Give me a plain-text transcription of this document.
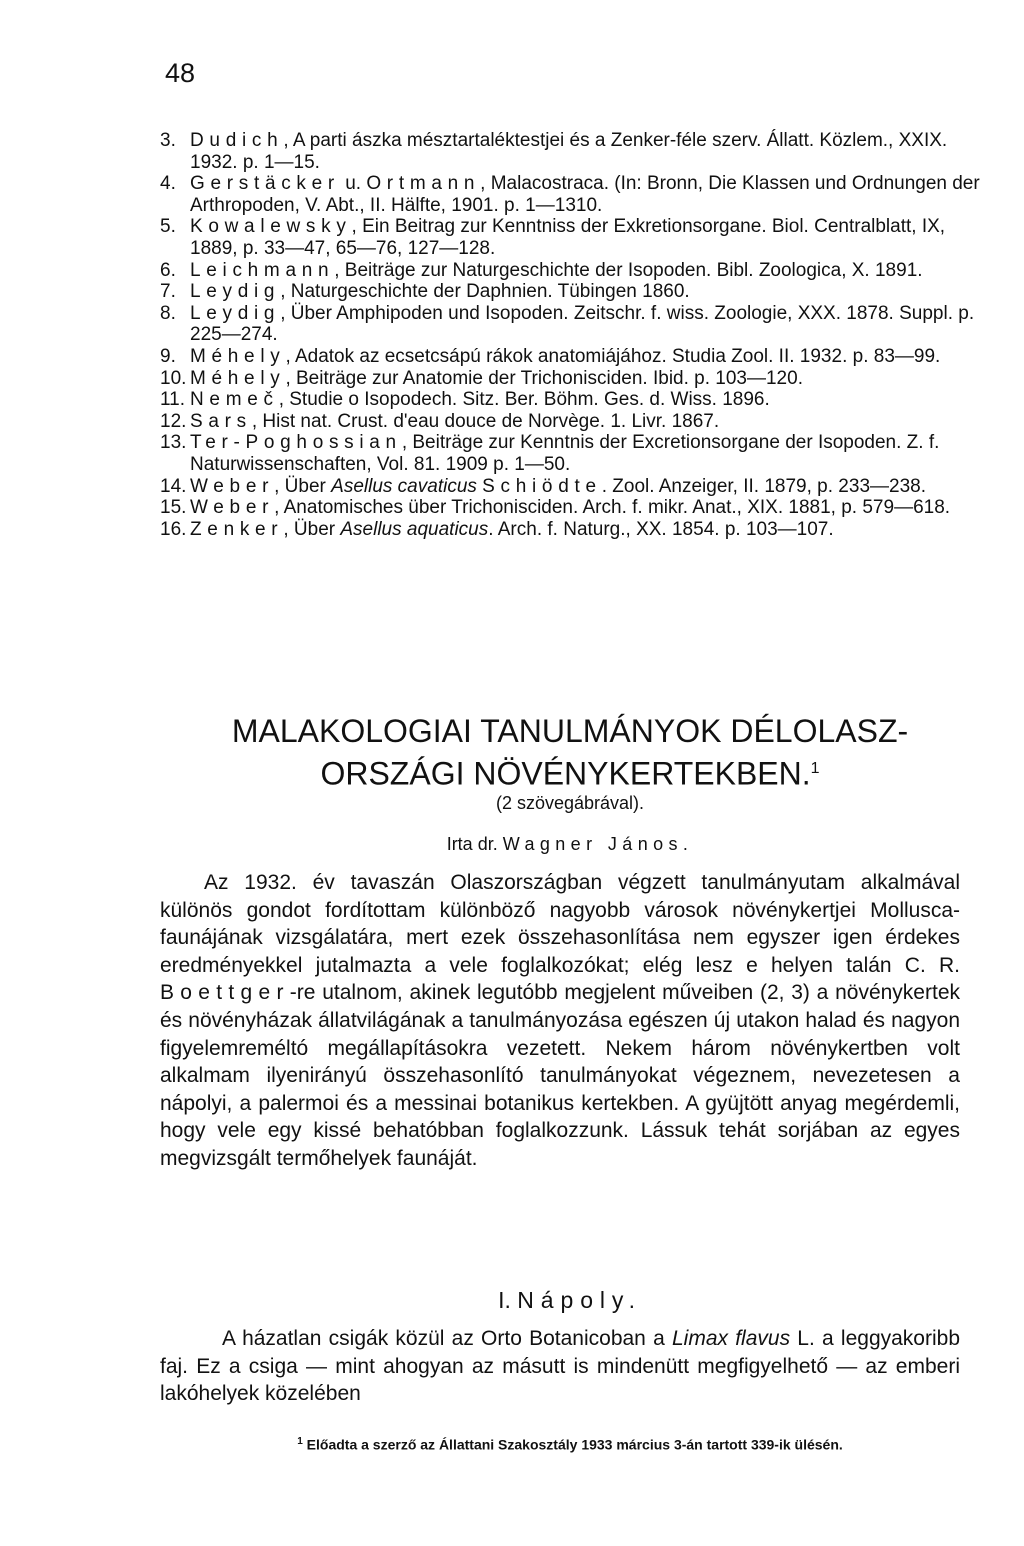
48
3. Dudich, A parti ászka mésztartaléktestjei és a Zenker-féle szerv. Állatt. Közlem., XXIX. 1932. p. 1—15.
4. Gerstäcker u. Ortmann, Malacostraca. (In: Bronn, Die Klassen und Ordnungen der Arthropoden, V. Abt., II. Hälfte, 1901. p. 1—1310.
5. Kowalewsky, Ein Beitrag zur Kenntniss der Exkretionsorgane. Biol. Centralblatt, IX, 1889, p. 33—47, 65—76, 127—128.
6. Leichmann, Beiträge zur Naturgeschichte der Isopoden. Bibl. Zoologica, X. 1891.
7. Leydig, Naturgeschichte der Daphnien. Tübingen 1860.
8. Leydig, Über Amphipoden und Isopoden. Zeitschr. f. wiss. Zoologie, XXX. 1878. Suppl. p. 225—274.
9. Méhely, Adatok az ecsetcsápú rákok anatomiájához. Studia Zool. II. 1932. p. 83—99.
10. Méhely, Beiträge zur Anatomie der Trichonisciden. Ibid. p. 103—120.
11. Nemeč, Studie o Isopodech. Sitz. Ber. Böhm. Ges. d. Wiss. 1896.
12. Sars, Hist nat. Crust. d'eau douce de Norvège. 1. Livr. 1867.
13. Ter-Poghossian, Beiträge zur Kenntnis der Excretionsorgane der Isopoden. Z. f. Naturwissenschaften, Vol. 81. 1909 p. 1—50.
14. Weber, Über Asellus cavaticus Schiödte. Zool. Anzeiger, II. 1879, p. 233—238.
15. Weber, Anatomisches über Trichonisciden. Arch. f. mikr. Anat., XIX. 1881, p. 579—618.
16. Zenker, Über Asellus aquaticus. Arch. f. Naturg., XX. 1854. p. 103—107.
MALAKOLOGIAI TANULMÁNYOK DÉLOLASZ-
ORSZÁGI NÖVÉNYKERTEKBEN.$^1$
(2 szövegábrával).
Irta dr. Wagner János.
Az 1932. év tavaszán Olaszországban végzett tanulmányutam alkalmával különös gondot fordítottam különböző nagyobb városok növénykertjei Mollusca-faunájának vizsgálatára, mert ezek összehasonlítása nem egyszer igen érdekes eredményekkel jutalmazta a vele foglalkozókat; elég lesz e helyen talán C. R. Boettger-re utalnom, akinek legutóbb megjelent műveiben (2, 3) a növénykertek és növényházak állatvilágának a tanulmányozása egészen új utakon halad és nagyon figyelemreméltó megállapításokra vezetett. Nekem három növénykertben volt alkalmam ilyenirányú összehasonlító tanulmányokat végeznem, nevezetesen a nápolyi, a palermoi és a messinai botanikus kertekben. A gyüjtött anyag megérdemli, hogy vele egy kissé behatóbban foglalkozzunk. Lássuk tehát sorjában az egyes megvizsgált termőhelyek faunáját.
I. Nápoly.
A házatlan csigák közül az Orto Botanicoban a Limax flavus L. a leggyakoribb faj. Ez a csiga — mint ahogyan az másutt is mindenütt megfigyelhető — az emberi lakóhelyek közelében
$^1$ Előadta a szerző az Állattani Szakosztály 1933 március 3-án tartott 339-ik ülésén.
